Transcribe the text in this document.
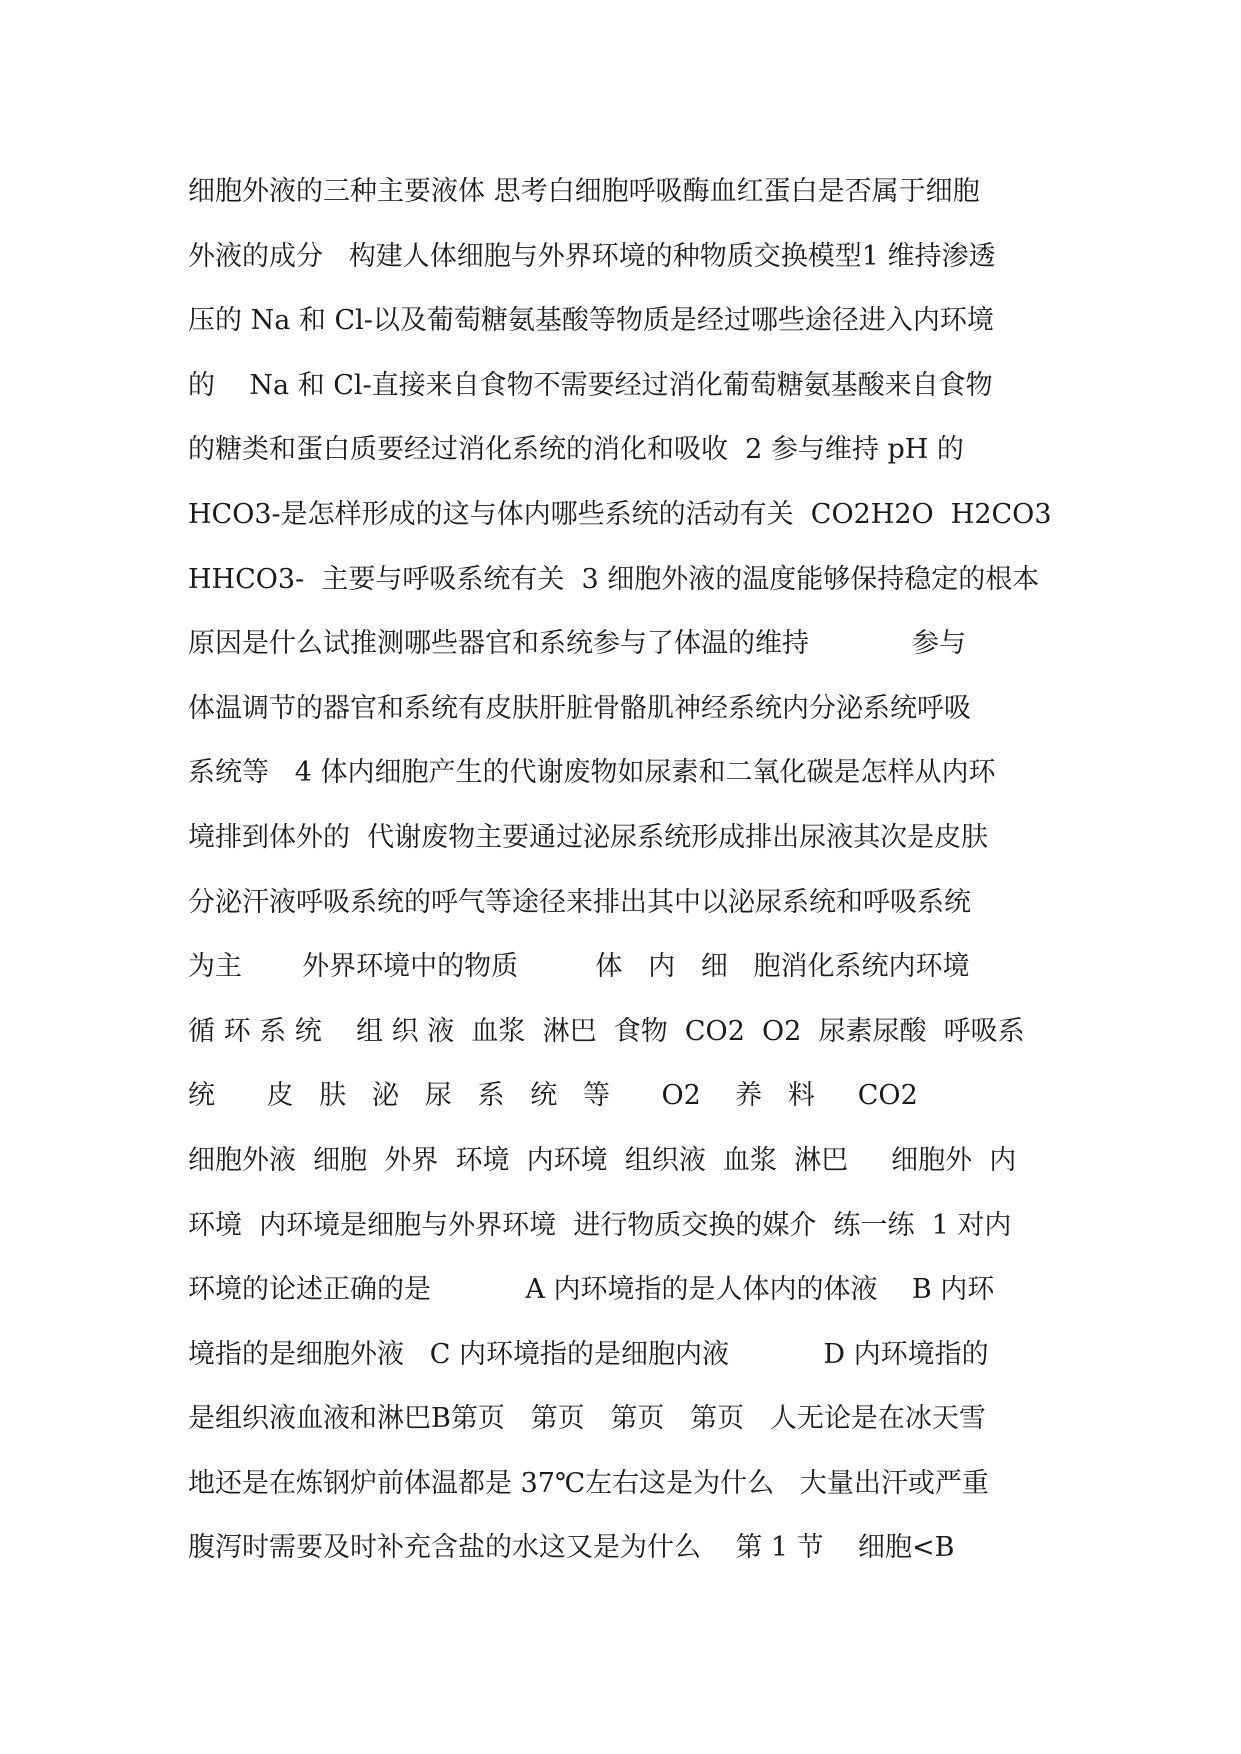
细胞外液的三种主要液体 思考白细胞呼吸酶血红蛋白是否属于细胞
外液的成分   构建人体细胞与外界环境的种物质交换模型1 维持渗透
压的 Na 和 Cl-以及葡萄糖氨基酸等物质是经过哪些途径进入内环境
的    Na 和 Cl-直接来自食物不需要经过消化葡萄糖氨基酸来自食物
的糖类和蛋白质要经过消化系统的消化和吸收  2 参与维持 pH 的
HCO3-是怎样形成的这与体内哪些系统的活动有关  CO2H2O  H2CO3
HHCO3-  主要与呼吸系统有关  3 细胞外液的温度能够保持稳定的根本
原因是什么试推测哪些器官和系统参与了体温的维持            参与
体温调节的器官和系统有皮肤肝脏骨骼肌神经系统内分泌系统呼吸
系统等   4 体内细胞产生的代谢废物如尿素和二氧化碳是怎样从内环
境排到体外的  代谢废物主要通过泌尿系统形成排出尿液其次是皮肤
分泌汗液呼吸系统的呼气等途径来排出其中以泌尿系统和呼吸系统
为主       外界环境中的物质         体   内   细   胞消化系统内环境
循 环 系 统    组 织 液  血浆  淋巴  食物  CO2  O2  尿素尿酸  呼吸系
统      皮   肤   泌   尿   系   统   等      O2    养   料     CO2
细胞外液  细胞  外界  环境  内环境  组织液  血浆  淋巴     细胞外  内
环境  内环境是细胞与外界环境  进行物质交换的媒介  练一练  1 对内
环境的论述正确的是           A 内环境指的是人体内的体液    B 内环
境指的是细胞外液   C 内环境指的是细胞内液           D 内环境指的
是组织液血液和淋巴B第页   第页   第页   第页   人无论是在冰天雪
地还是在炼钢炉前体温都是 37℃左右这是为什么   大量出汗或严重
腹泻时需要及时补充含盐的水这又是为什么    第 1 节    细胞<B
